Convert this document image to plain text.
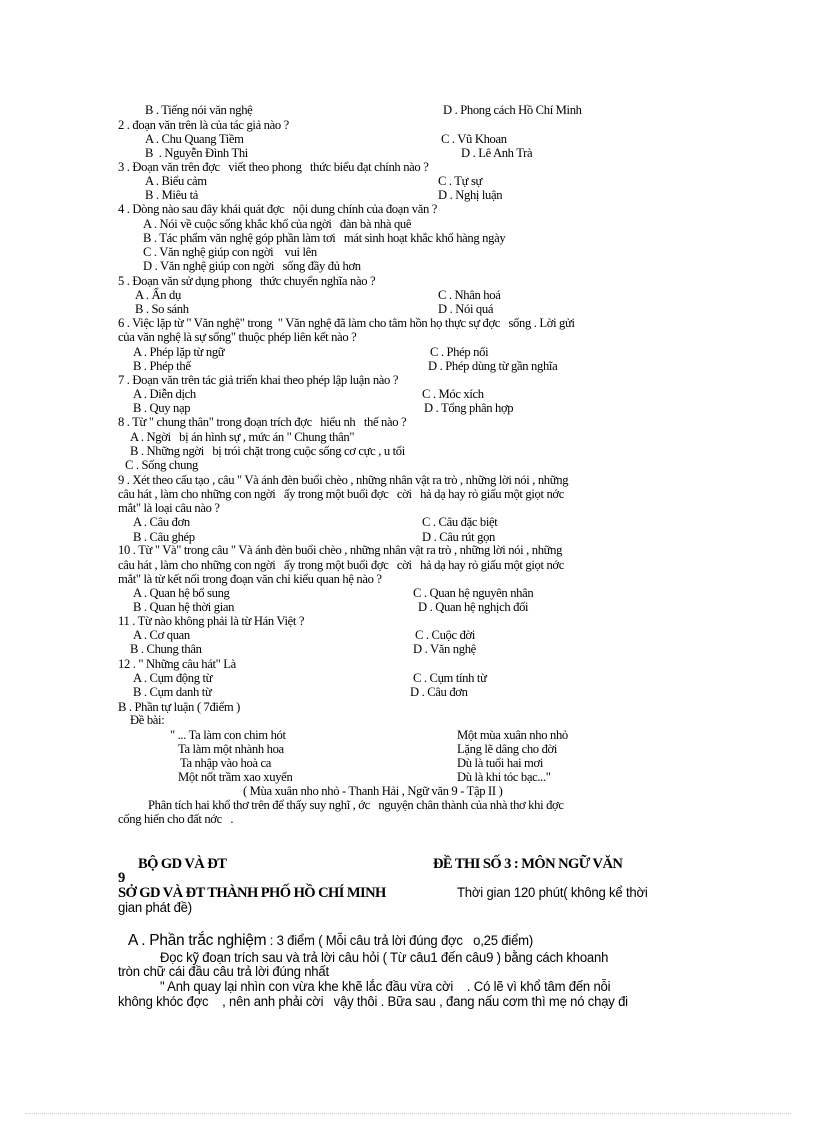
B . Tiếng nói văn nghệ	D . Phong cách Hồ Chí Minh
2 . đoạn văn trên là của tác giả nào ?
A . Chu Quang Tiềm	C . Vũ Khoan
B  . Nguyễn Đình Thi	D . Lê Anh Trà
3 . Đoạn văn trên đợc   viết theo phong   thức biểu đạt chính nào ?
A . Biểu cảm	C . Tự sự
B . Miêu tả	D . Nghị luận
4 . Dòng nào sau đây khái quát đợc   nội dung chính của đoạn văn ?
A . Nói về cuộc sống khắc khổ của ngời   đàn bà nhà quê
B . Tác phẩm văn nghệ góp phần làm tơi   mát sinh hoạt khắc khổ hàng ngày
C . Văn nghệ giúp con ngời    vui lên
D . Văn nghệ giúp con ngời   sống đầy đủ hơn
5 . Đoạn văn sử dụng phong   thức chuyển nghĩa nào ?
A . Ẩn dụ	C . Nhân hoá
B . So sánh	D . Nói quá
6 . Việc lặp từ " Văn nghệ" trong  " Văn nghệ đã làm cho tâm hồn họ thực sự đợc   sống . Lời gửi
của văn nghệ là sự sống" thuộc phép liên kết nào ?
A . Phép lặp từ ngữ	C . Phép nối
B . Phép thế	D . Phép dùng từ gần nghĩa
7 . Đoạn văn trên tác giả triển khai theo phép lập luận nào ?
A . Diễn dịch	C . Móc xích
B . Quy nạp	D . Tổng phân hợp
8 . Từ " chung thân" trong đoạn trích đợc   hiểu nh   thế nào ?
A . Ngời   bị án hình sự , mức án " Chung thân"
B . Những ngời   bị trói chặt trong cuộc sống cơ cực , u tối
C . Sống chung
9 . Xét theo cấu tạo , câu " Và ánh đèn buổi chèo , những nhân vật ra trò , những lời nói , những
câu hát , làm cho những con ngời   ấy trong một buổi đợc   cời   hả dạ hay rỏ giấu một giọt nớc
mắt" là loại câu nào ?
A . Câu đơn	C . Câu đặc biệt
B . Câu ghép	D . Câu rút gọn
10 . Từ " Và" trong câu " Và ánh đèn buổi chèo , những nhân vật ra trò , những lời nói , những
câu hát , làm cho những con ngời   ấy trong một buổi đợc   cời   hả dạ hay rỏ giấu một giọt nớc
mắt" là từ kết nối trong đoạn văn chỉ kiểu quan hệ nào ?
A . Quan hệ bổ sung	C . Quan hệ nguyên nhân
B . Quan hệ thời gian	D . Quan hệ nghịch đối
11 . Từ nào không phải là từ Hán Việt ?
A . Cơ quan	C . Cuộc đời
B . Chung thân	D . Văn nghệ
12 . " Những câu hát" Là
A . Cụm động từ	C . Cụm tính từ
B . Cụm danh từ	D . Câu đơn
B . Phần tự luận ( 7điểm )
Đề bài:
" ... Ta làm con chim hót	Một mùa xuân nho nhỏ
Ta làm một nhành hoa	Lặng lẽ dâng cho đời
Ta nhập vào hoà ca	Dù là tuổi hai mơi
Một nốt trầm xao xuyến	Dù là khi tóc bạc..."
( Mùa xuân nho nhỏ - Thanh Hải , Ngữ văn 9 - Tập II )
Phân tích hai khổ thơ trên để thấy suy nghĩ , ớc   nguyện chân thành của nhà thơ khi đợc
cống hiến cho đất nớc   .
BỘ GD VÀ ĐT	ĐỀ THI SỐ 3 : MÔN NGỮ VĂN
9
SỞ GD VÀ ĐT THÀNH PHỐ HỒ CHÍ MINH	Thời gian 120 phút( không kể thời
gian phát đề)
A . Phần trắc nghiệm : 3 điểm ( Mỗi câu trả lời đúng đợc   o,25 điểm)
Đọc kỹ đoạn trích sau và trả lời câu hỏi ( Từ câu1 đến câu9 ) bằng cách khoanh
tròn chữ cái đầu câu trả lời đúng nhất
" Anh quay lại nhìn con vừa khe khẽ lắc đầu vừa cời    . Có lẽ vì khổ tâm đến nỗi
không khóc đợc    , nên anh phải cời   vậy thôi . Bữa sau , đang nấu cơm thì mẹ nó chạy đi
